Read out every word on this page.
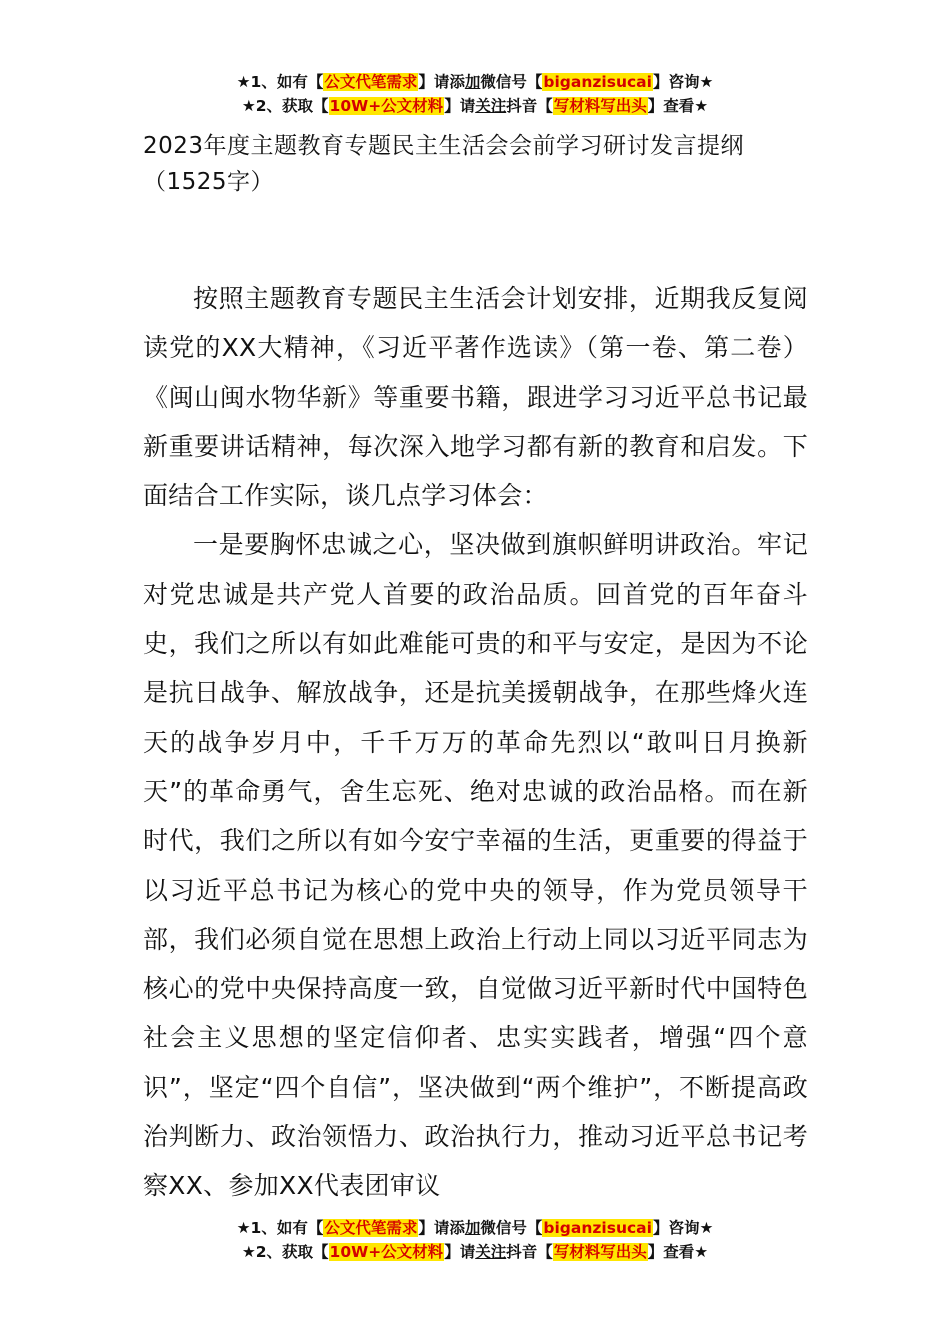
★1、如有【公文代笔需求】请添加微信号【biganzisucai】咨询★
★2、获取【10W+公文材料】请关注抖音【写材料写出头】查看★
2023年度主题教育专题民主生活会会前学习研讨发言提纲（1525字）

按照主题教育专题民主生活会计划安排，近期我反复阅读党的XX大精神，《习近平著作选读》（第一卷、第二卷）《闽山闽水物华新》等重要书籍，跟进学习习近平总书记最新重要讲话精神，每次深入地学习都有新的教育和启发。下面结合工作实际，谈几点学习体会：

一是要胸怀忠诚之心，坚决做到旗帜鲜明讲政治。牢记对党忠诚是共产党人首要的政治品质。回首党的百年奋斗史，我们之所以有如此难能可贵的和平与安定，是因为不论是抗日战争、解放战争，还是抗美援朝战争，在那些烽火连天的战争岁月中，千千万万的革命先烈以“敢叫日月换新天”的革命勇气，舍生忘死、绝对忠诚的政治品格。而在新时代，我们之所以有如今安宁幸福的生活，更重要的得益于以习近平总书记为核心的党中央的领导，作为党员领导干部，我们必须自觉在思想上政治上行动上同以习近平同志为核心的党中央保持高度一致，自觉做习近平新时代中国特色社会主义思想的坚定信仰者、忠实实践者，增强“四个意识”，坚定“四个自信”，坚决做到“两个维护”，不断提高政治判断力、政治领悟力、政治执行力，推动习近平总书记考察XX、参加XX代表团审议

★1、如有【公文代笔需求】请添加微信号【biganzisucai】咨询★
★2、获取【10W+公文材料】请关注抖音【写材料写出头】查看★
